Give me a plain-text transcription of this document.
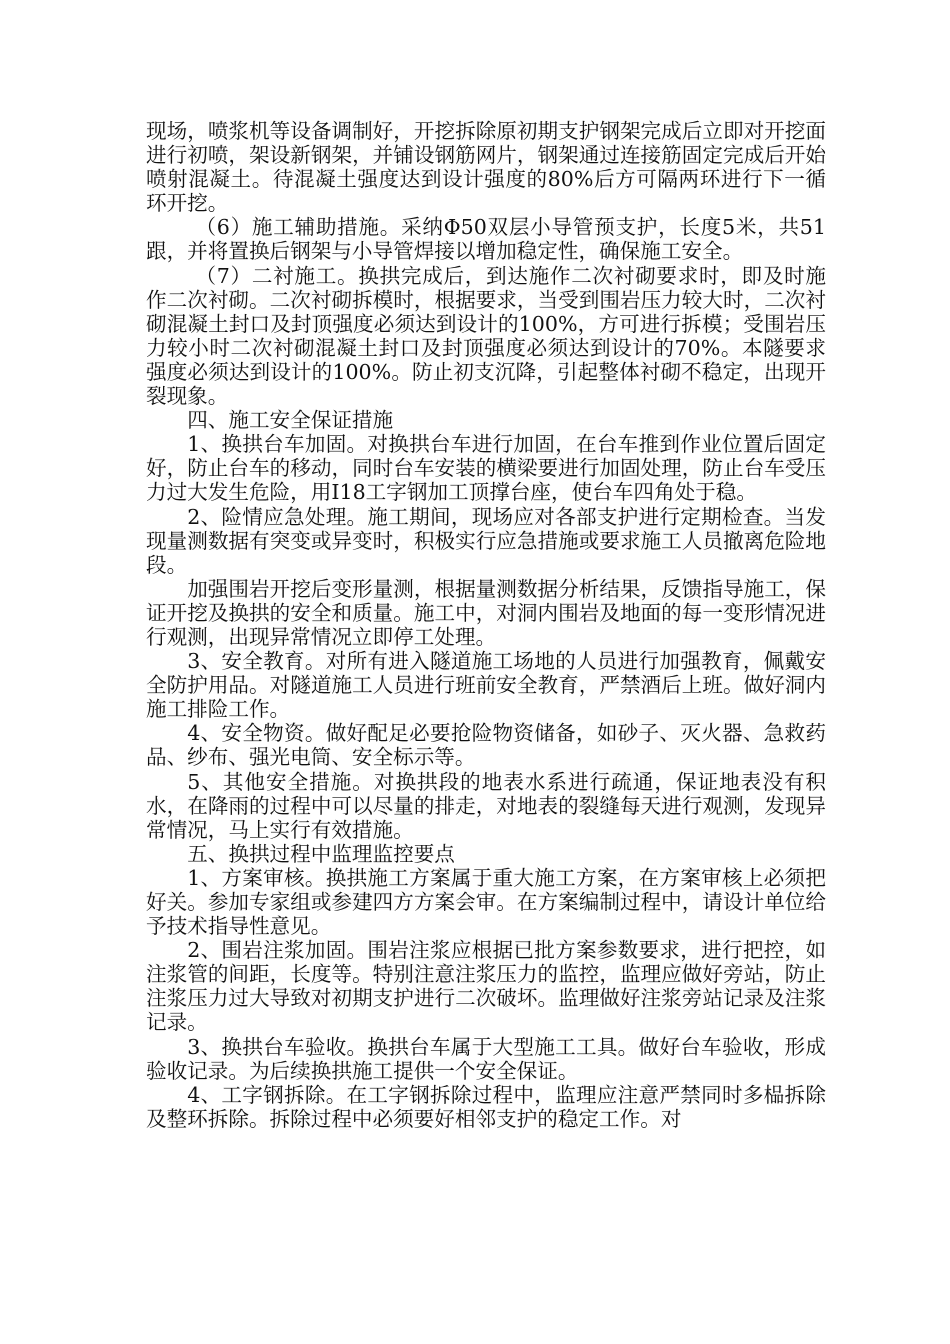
现场，喷浆机等设备调制好，开挖拆除原初期支护钢架完成后立即对开挖面进行初喷，架设新钢架，并铺设钢筋网片，钢架通过连接筋固定完成后开始喷射混凝土。待混凝土强度达到设计强度的80%后方可隔两环进行下一循环开挖。

（6）施工辅助措施。采纳Φ50双层小导管预支护，长度5米，共51跟，并将置换后钢架与小导管焊接以增加稳定性，确保施工安全。

（7）二衬施工。换拱完成后，到达施作二次衬砌要求时，即及时施作二次衬砌。二次衬砌拆模时，根据要求，当受到围岩压力较大时，二次衬砌混凝土封口及封顶强度必须达到设计的100%，方可进行拆模；受围岩压力较小时二次衬砌混凝土封口及封顶强度必须达到设计的70%。本隧要求强度必须达到设计的100%。防止初支沉降，引起整体衬砌不稳定，出现开裂现象。

四、施工安全保证措施

1、换拱台车加固。对换拱台车进行加固，在台车推到作业位置后固定好，防止台车的移动，同时台车安装的横梁要进行加固处理，防止台车受压力过大发生危险，用I18工字钢加工顶撑台座，使台车四角处于稳。

2、险情应急处理。施工期间，现场应对各部支护进行定期检查。当发现量测数据有突变或异变时，积极实行应急措施或要求施工人员撤离危险地段。

加强围岩开挖后变形量测，根据量测数据分析结果，反馈指导施工，保证开挖及换拱的安全和质量。施工中，对洞内围岩及地面的每一变形情况进行观测，出现异常情况立即停工处理。

3、安全教育。对所有进入隧道施工场地的人员进行加强教育，佩戴安全防护用品。对隧道施工人员进行班前安全教育，严禁酒后上班。做好洞内施工排险工作。

4、安全物资。做好配足必要抢险物资储备，如砂子、灭火器、急救药品、纱布、强光电筒、安全标示等。

5、其他安全措施。对换拱段的地表水系进行疏通，保证地表没有积水，在降雨的过程中可以尽量的排走，对地表的裂缝每天进行观测，发现异常情况，马上实行有效措施。

五、换拱过程中监理监控要点

1、方案审核。换拱施工方案属于重大施工方案，在方案审核上必须把好关。参加专家组或参建四方方案会审。在方案编制过程中，请设计单位给予技术指导性意见。

2、围岩注浆加固。围岩注浆应根据已批方案参数要求，进行把控，如注浆管的间距，长度等。特别注意注浆压力的监控，监理应做好旁站，防止注浆压力过大导致对初期支护进行二次破坏。监理做好注浆旁站记录及注浆记录。

3、换拱台车验收。换拱台车属于大型施工工具。做好台车验收，形成验收记录。为后续换拱施工提供一个安全保证。

4、工字钢拆除。在工字钢拆除过程中，监理应注意严禁同时多榀拆除及整环拆除。拆除过程中必须要好相邻支护的稳定工作。对
